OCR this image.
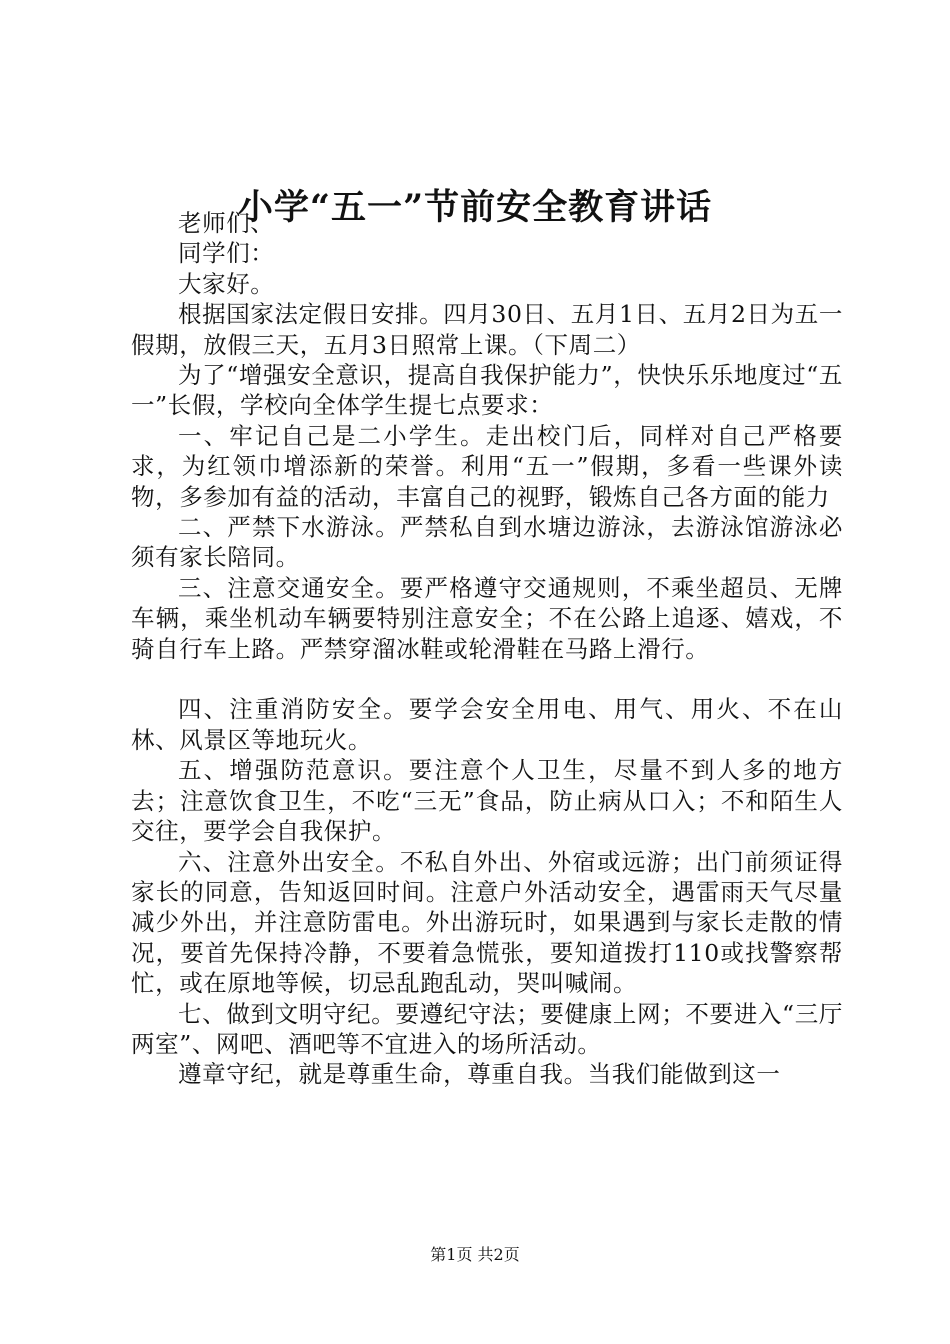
小学“五一”节前安全教育讲话

老师们、

同学们：

大家好。

根据国家法定假日安排。四月30日、五月1日、五月2日为五一假期，放假三天，五月3日照常上课。（下周二）

为了“增强安全意识，提高自我保护能力”，快快乐乐地度过“五一”长假，学校向全体学生提七点要求：

一、牢记自己是二小学生。走出校门后，同样对自己严格要求，为红领巾增添新的荣誉。利用“五一”假期，多看一些课外读物，多参加有益的活动，丰富自己的视野，锻炼自己各方面的能力

二、严禁下水游泳。严禁私自到水塘边游泳，去游泳馆游泳必须有家长陪同。

三、注意交通安全。要严格遵守交通规则，不乘坐超员、无牌车辆，乘坐机动车辆要特别注意安全；不在公路上追逐、嬉戏，不骑自行车上路。严禁穿溜冰鞋或轮滑鞋在马路上滑行。

四、注重消防安全。要学会安全用电、用气、用火、不在山林、风景区等地玩火。

五、增强防范意识。要注意个人卫生，尽量不到人多的地方去；注意饮食卫生，不吃“三无”食品，防止病从口入；不和陌生人交往，要学会自我保护。

六、注意外出安全。不私自外出、外宿或远游；出门前须证得家长的同意，告知返回时间。注意户外活动安全，遇雷雨天气尽量减少外出，并注意防雷电。外出游玩时，如果遇到与家长走散的情况，要首先保持冷静，不要着急慌张，要知道拨打110或找警察帮忙，或在原地等候，切忌乱跑乱动，哭叫喊闹。

七、做到文明守纪。要遵纪守法；要健康上网；不要进入“三厅两室”、网吧、酒吧等不宜进入的场所活动。

遵章守纪，就是尊重生命，尊重自我。当我们能做到这一

第1页 共2页
